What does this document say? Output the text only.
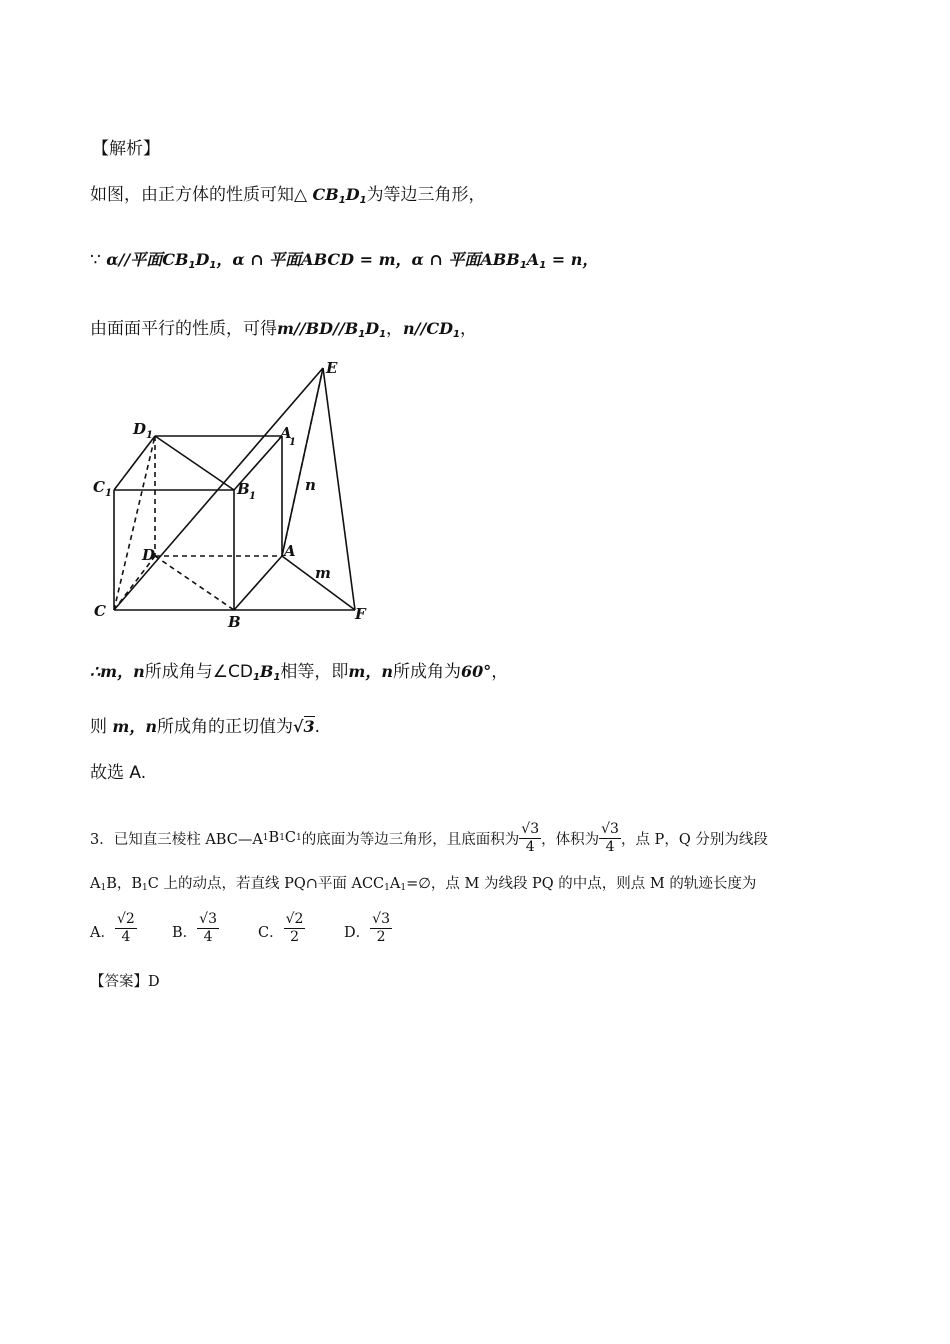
【解析】
如图，由正方体的性质可知△ $CB_1D_1$为等边三角形，
∵ α//平面$CB_1D_1$，α ∩ 平面ABCD = m，α ∩ 平面$ABB_1A_1 = n$，
由面面平行的性质，可得$m//BD//B_1D_1$，$n//CD_1$，
E
D 1	A
1
C 1	B 1
D	A
C
B	F
n
m
∴m，n所成角与$\angle CD_1B_1$相等，即m，n所成角为60°，
则 m，n所成角的正切值为√3.
故选 A.
3．已知直三棱柱 ABC—A 1 B 1 C 1 的底面为等边三角形，且底面积为 $\frac{√3}{4}$ ，体积为 $\frac{√3}{4}$ ，点 P，Q 分别为线段
A1B，B1C 上的动点，若直线 PQ∩平面 ACC1A1=∅，点 M 为线段 PQ 的中点，则点 M 的轨迹长度为
A． $\frac{√2}{4}$ B． $\frac{√3}{4}$	C． $\frac{√2}{2}$	D． $\frac{√3}{2}$
【答案】D
